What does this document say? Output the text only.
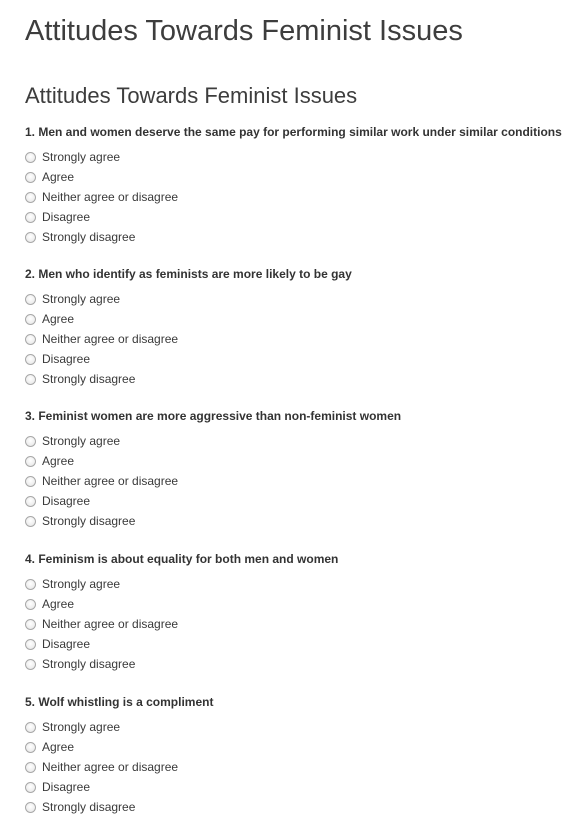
Attitudes Towards Feminist Issues
Attitudes Towards Feminist Issues
1. Men and women deserve the same pay for performing similar work under similar conditions
Strongly agree
Agree
Neither agree or disagree
Disagree
Strongly disagree
2. Men who identify as feminists are more likely to be gay
Strongly agree
Agree
Neither agree or disagree
Disagree
Strongly disagree
3. Feminist women are more aggressive than non-feminist women
Strongly agree
Agree
Neither agree or disagree
Disagree
Strongly disagree
4. Feminism is about equality for both men and women
Strongly agree
Agree
Neither agree or disagree
Disagree
Strongly disagree
5. Wolf whistling is a compliment
Strongly agree
Agree
Neither agree or disagree
Disagree
Strongly disagree
